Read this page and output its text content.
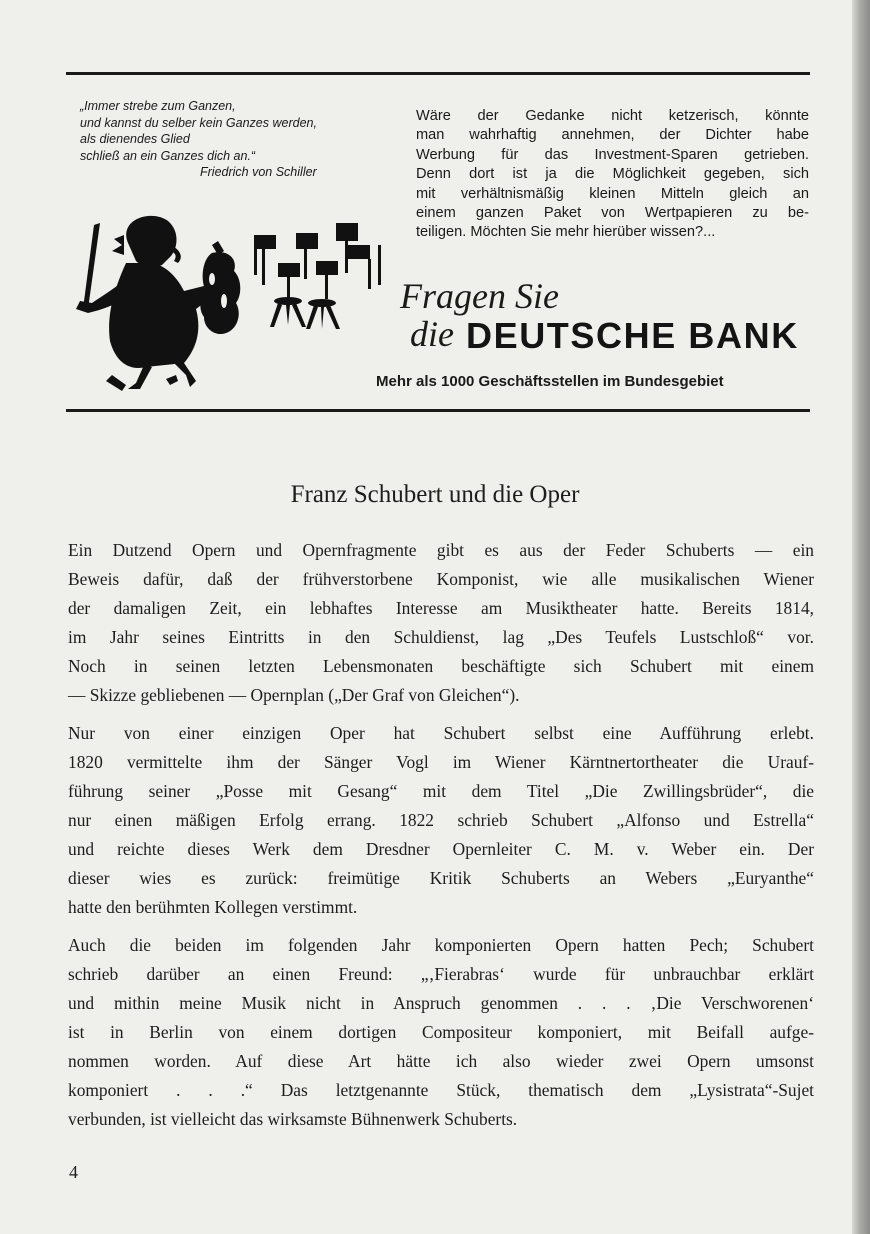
„Immer strebe zum Ganzen,
und kannst du selber kein Ganzes werden,
als dienendes Glied
schließ an ein Ganzes dich an.“
Friedrich von Schiller
Wäre der Gedanke nicht ketzerisch, könnte
man wahrhaftig annehmen, der Dichter habe
Werbung für das Investment-Sparen getrieben.
Denn dort ist ja die Möglichkeit gegeben, sich
mit verhältnismäßig kleinen Mitteln gleich an
einem ganzen Paket von Wertpapieren zu be-
teiligen. Möchten Sie mehr hierüber wissen?...
Fragen Sie
die DEUTSCHE BANK
Mehr als 1000 Geschäftsstellen im Bundesgebiet
Franz Schubert und die Oper
Ein Dutzend Opern und Opernfragmente gibt es aus der Feder Schuberts — ein
Beweis dafür, daß der frühverstorbene Komponist, wie alle musikalischen Wiener
der damaligen Zeit, ein lebhaftes Interesse am Musiktheater hatte. Bereits 1814,
im Jahr seines Eintritts in den Schuldienst, lag „Des Teufels Lustschloß“ vor.
Noch in seinen letzten Lebensmonaten beschäftigte sich Schubert mit einem
— Skizze gebliebenen — Opernplan („Der Graf von Gleichen“).
Nur von einer einzigen Oper hat Schubert selbst eine Aufführung erlebt.
1820 vermittelte ihm der Sänger Vogl im Wiener Kärntnertortheater die Urauf-
führung seiner „Posse mit Gesang“ mit dem Titel „Die Zwillingsbrüder“, die
nur einen mäßigen Erfolg errang. 1822 schrieb Schubert „Alfonso und Estrella“
und reichte dieses Werk dem Dresdner Opernleiter C. M. v. Weber ein. Der
dieser wies es zurück: freimütige Kritik Schuberts an Webers „Euryanthe“
hatte den berühmten Kollegen verstimmt.
Auch die beiden im folgenden Jahr komponierten Opern hatten Pech; Schubert
schrieb darüber an einen Freund: „‚Fierabras‘ wurde für unbrauchbar erklärt
und mithin meine Musik nicht in Anspruch genommen . . . ‚Die Verschworenen‘
ist in Berlin von einem dortigen Compositeur komponiert, mit Beifall aufge-
nommen worden. Auf diese Art hätte ich also wieder zwei Opern umsonst
komponiert . . .“ Das letztgenannte Stück, thematisch dem „Lysistrata“-Sujet
verbunden, ist vielleicht das wirksamste Bühnenwerk Schuberts.
4
